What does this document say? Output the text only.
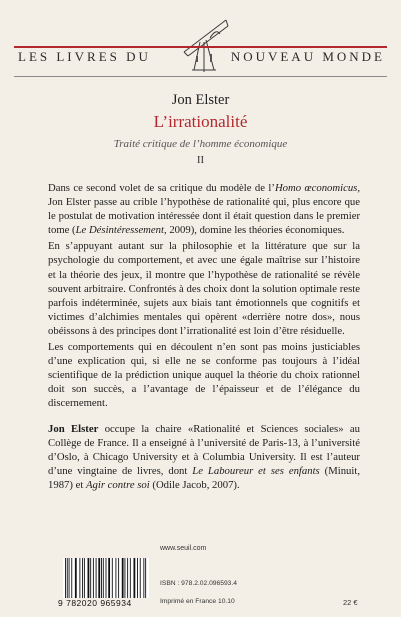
LES LIVRES DU	NOUVEAU MONDE
Jon Elster
L’irrationalité
Traité critique de l’homme économique
II

Dans ce second volet de sa critique du modèle de l’Homo œconomicus, Jon Elster passe au crible l’hypothèse de rationalité qui, plus encore que le postulat de motivation intéressée dont il était question dans le premier tome (Le Désintéressement, 2009), domine les théories économiques.

En s’appuyant autant sur la philosophie et la littérature que sur la psychologie du comportement, et avec une égale maîtrise sur l’histoire et la théorie des jeux, il montre que l’hypothèse de rationalité se révèle souvent arbitraire. Confrontés à des choix dont la solution optimale reste parfois indéterminée, sujets aux biais tant émotionnels que cognitifs et victimes d’alchimies mentales qui opèrent «derrière notre dos», nous obéissons à des principes dont l’irrationalité est loin d’être résiduelle.

Les comportements qui en découlent n’en sont pas moins justiciables d’une explication qui, si elle ne se conforme pas toujours à l’idéal scientifique de la prédiction unique auquel la théorie du choix rationnel doit son succès, a l’avantage de l’épaisseur et de l’élégance du discernement.

Jon Elster occupe la chaire «Rationalité et Sciences sociales» au Collège de France. Il a enseigné à l’université de Paris-13, à l’université d’Oslo, à Chicago University et à Columbia University. Il est l’auteur d’une vingtaine de livres, dont Le Laboureur et ses enfants (Minuit, 1987) et Agir contre soi (Odile Jacob, 2007).

www.seuil.com
9 782020 965934
ISBN : 978.2.02.096593.4
Imprimé en France 10.10	22 €
